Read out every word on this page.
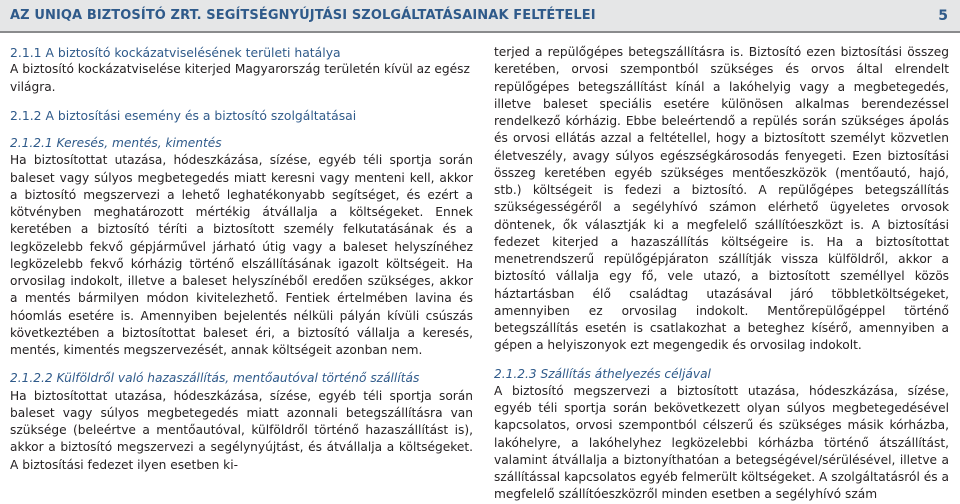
AZ UNIQA BIZTOSÍTÓ ZRT. SEGÍTSÉGNYÚJTÁSI SZOLGÁLTATÁSAINAK FELTÉTELEI	5

2.1.1 A biztosító kockázatviselésének területi hatálya

A biztosító kockázatviselése kiterjed Magyarország területén kívül az egész világra.

2.1.2 A biztosítási esemény és a biztosító szolgáltatásai

2.1.2.1 Keresés, mentés, kimentés

Ha biztosítottat utazása, hódeszkázása, sízése, egyéb téli sportja során baleset vagy súlyos megbetegedés miatt keresni vagy menteni kell, akkor a biztosító megszervezi a lehető leghatékonyabb segítséget, és ezért a kötvényben meghatározott mértékig átvállalja a költségeket. Ennek keretében a biztosító téríti a biztosított személy felkutatásának és a legközelebb fekvő gépjárművel járható útig vagy a baleset helyszínéhez legközelebb fekvő kórházig történő elszállításának igazolt költségeit. Ha orvosilag indokolt, illetve a baleset helyszínéből eredően szükséges, akkor a mentés bármilyen módon kivitelezhető. Fentiek értelmében lavina és hóomlás esetére is. Amennyiben bejelentés nélküli pályán kívüli csúszás következtében a biztosítottat baleset éri, a biztosító vállalja a keresés, mentés, kimentés megszervezését, annak költségeit azonban nem.

2.1.2.2 Külföldről való hazaszállítás, mentőautóval történő szállítás

Ha biztosítottat utazása, hódeszkázása, sízése, egyéb téli sportja során baleset vagy súlyos megbetegedés miatt azonnali betegszállításra van szüksége (beleértve a mentőautóval, külföldről történő hazaszállítást is), akkor a biztosító megszervezi a segélynyújtást, és átvállalja a költségeket. A biztosítási fedezet ilyen esetben ki-

terjed a repülőgépes betegszállításra is. Biztosító ezen biztosítási összeg keretében, orvosi szempontból szükséges és orvos által elrendelt repülőgépes betegszállítást kínál a lakóhelyig vagy a megbetegedés, illetve baleset speciális esetére különösen alkalmas berendezéssel rendelkező kórházig. Ebbe beleértendő a repülés során szükséges ápolás és orvosi ellátás azzal a feltétellel, hogy a biztosított személyt közvetlen életveszély, avagy súlyos egészségkárosodás fenyegeti. Ezen biztosítási összeg keretében egyéb szükséges mentőeszközök (mentőautó, hajó, stb.) költségeit is fedezi a biztosító. A repülőgépes betegszállítás szükségességéről a segélyhívó számon elérhető ügyeletes orvosok döntenek, ők választják ki a megfelelő szállítóeszközt is. A biztosítási fedezet kiterjed a hazaszállítás költségeire is. Ha a biztosítottat menetrendszerű repülőgépjáraton szállítják vissza külföldről, akkor a biztosító vállalja egy fő, vele utazó, a biztosított személlyel közös háztartásban élő családtag utazásával járó többletköltségeket, amennyiben ez orvosilag indokolt. Mentőrepülőgéppel történő betegszállítás esetén is csatlakozhat a beteghez kísérő, amennyiben a gépen a helyiszonyok ezt megengedik és orvosilag indokolt.

2.1.2.3 Szállítás áthelyezés céljával

A biztosító megszervezi a biztosított utazása, hódeszkázása, sízése, egyéb téli sportja során bekövetkezett olyan súlyos megbetegedésével kapcsolatos, orvosi szempontból célszerű és szükséges másik kórházba, lakóhelyre, a lakóhelyhez legközelebbi kórházba történő átszállítást, valamint átvállalja a biztonyíthatóan a betegségével/sérülésével, illetve a szállítással kapcsolatos egyéb felmerült költségeket. A szolgáltatásról és a megfelelő szállítóeszközről minden esetben a segélyhívó szám
